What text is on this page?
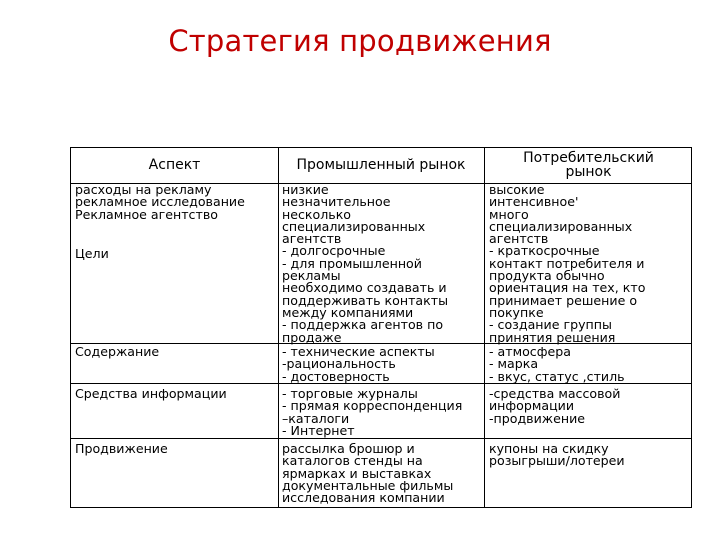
Стратегия продвижения
Аспект	Промышленный рынок	Потребительский
рынок
расходы на рекламу
рекламное исследование
Рекламное агентство
Цели
Содержание
Средства информации
Продвижение
низкие
незначительное
несколько
специализированных
агентств
- долгосрочные
- для промышленной
рекламы
необходимо создавать и
поддерживать контакты
между компаниями
- поддержка агентов по
продаже
- технические аспекты
-рациональность
- достоверность
- торговые журналы
- прямая корреспонденция
–каталоги
- Интернет
рассылка брошюр и
каталогов стенды на
ярмарках и выставках
документальные фильмы
исследования компании
высокие
интенсивное'
много
специализированных
агентств
- краткосрочные
контакт потребителя и
продукта обычно
ориентация на тех, кто
принимает решение о
покупке
- создание группы
принятия решения
- атмосфера
- марка
- вкус, статус ,стиль
-средства массовой
информации
-продвижение
купоны на скидку
розыгрыши/лотереи
